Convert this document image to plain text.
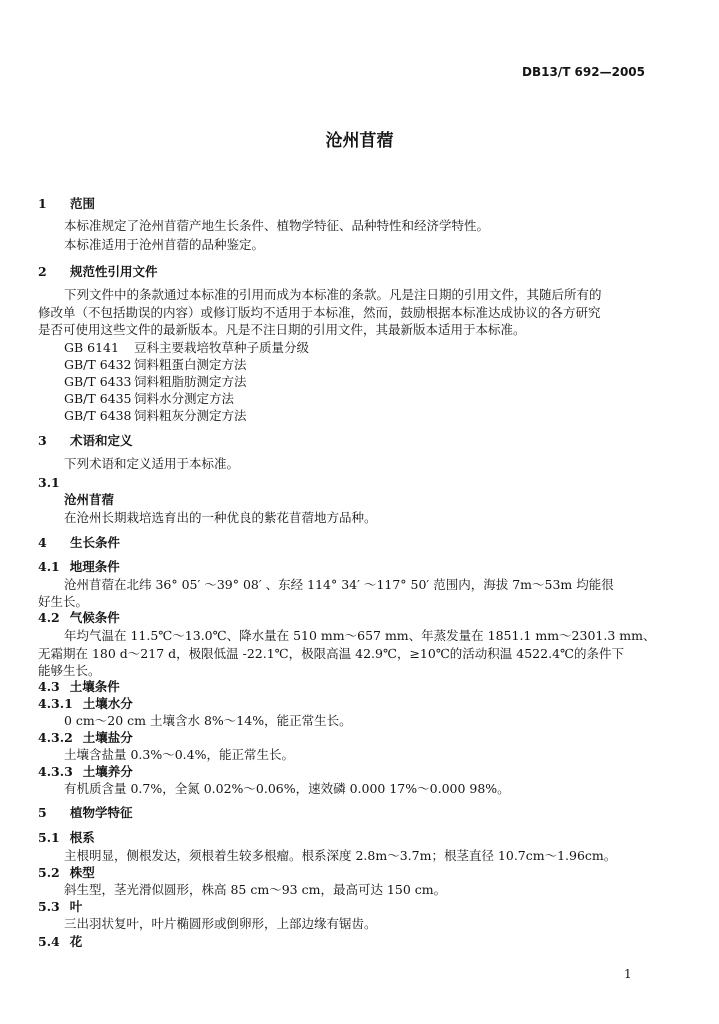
DB13/T 692—2005
沧州苜蓿
1 范围
本标准规定了沧州苜蓿产地生长条件、植物学特征、品种特性和经济学特性。
本标准适用于沧州苜蓿的品种鉴定。
2 规范性引用文件
下列文件中的条款通过本标准的引用而成为本标准的条款。凡是注日期的引用文件，其随后所有的
修改单（不包括勘误的内容）或修订版均不适用于本标准，然而，鼓励根据本标准达成协议的各方研究
是否可使用这些文件的最新版本。凡是不注日期的引用文件，其最新版本适用于本标准。
GB 6141 豆科主要栽培牧草种子质量分级
GB/T 6432 饲料粗蛋白测定方法
GB/T 6433 饲料粗脂肪测定方法
GB/T 6435 饲料水分测定方法
GB/T 6438 饲料粗灰分测定方法
3 术语和定义
下列术语和定义适用于本标准。
3.1
沧州苜蓿
在沧州长期栽培选育出的一种优良的紫花苜蓿地方品种。
4 生长条件
4.1 地理条件
沧州苜蓿在北纬 36° 05′ ～39° 08′ 、东经 114° 34′ ～117° 50′ 范围内，海拔 7m～53m 均能很
好生长。
4.2 气候条件
年均气温在 11.5℃～13.0℃、降水量在 510 mm～657 mm、年蒸发量在 1851.1 mm～2301.3 mm、
无霜期在 180 d～217 d，极限低温 -22.1℃，极限高温 42.9℃，≥10℃的活动积温 4522.4℃的条件下
能够生长。
4.3 土壤条件
4.3.1 土壤水分
0 cm～20 cm 土壤含水 8%～14%，能正常生长。
4.3.2 土壤盐分
土壤含盐量 0.3%～0.4%，能正常生长。
4.3.3 土壤养分
有机质含量 0.7%，全氮 0.02%～0.06%，速效磷 0.000 17%～0.000 98%。
5 植物学特征
5.1 根系
主根明显，侧根发达，须根着生较多根瘤。根系深度 2.8m～3.7m；根茎直径 10.7cm～1.96cm。
5.2 株型
斜生型，茎光滑似圆形，株高 85 cm～93 cm，最高可达 150 cm。
5.3 叶
三出羽状复叶，叶片椭圆形或倒卵形，上部边缘有锯齿。
5.4 花
1
